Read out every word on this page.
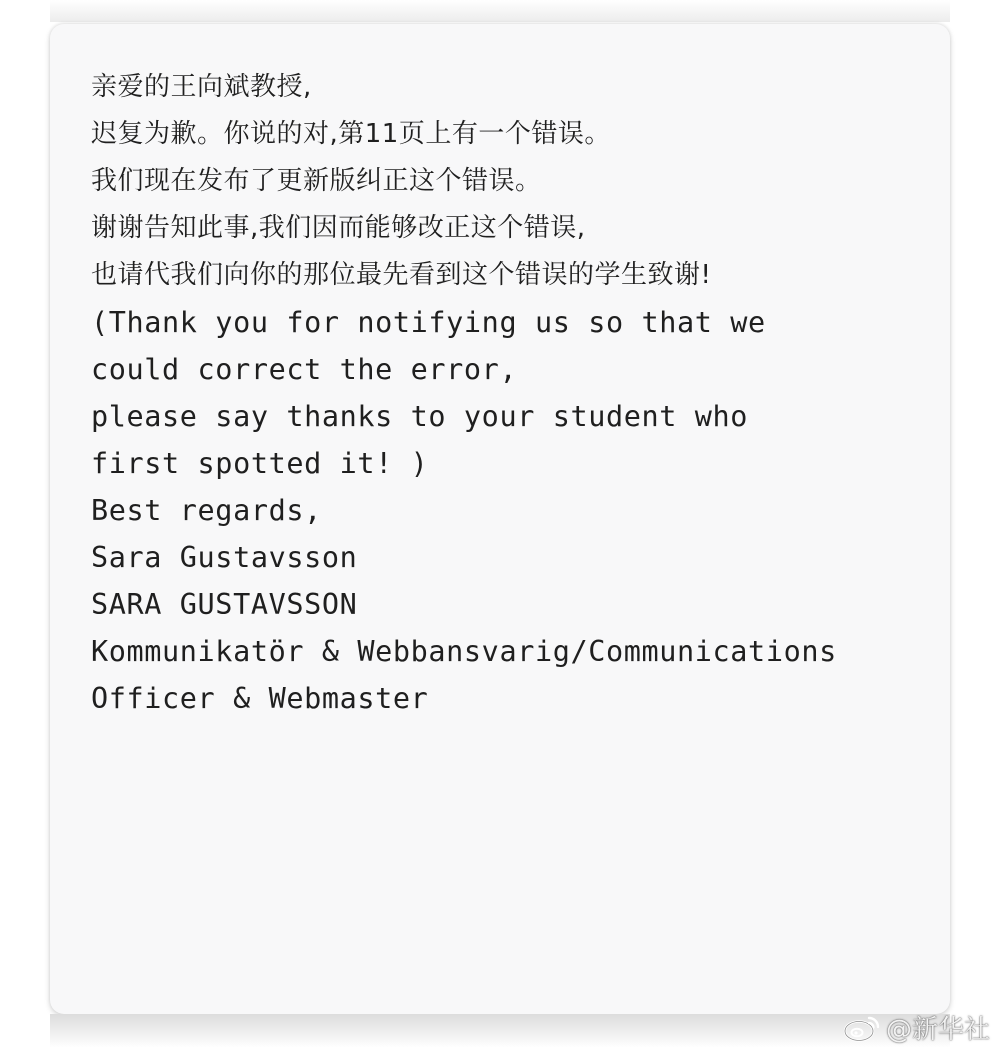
亲爱的王向斌教授,
迟复为歉。你说的对,第11页上有一个错误。
我们现在发布了更新版纠正这个错误。
谢谢告知此事,我们因而能够改正这个错误,
也请代我们向你的那位最先看到这个错误的学生致谢!
(Thank you for notifying us so that we
could correct the error,
please say thanks to your student who
first spotted it! )
Best regards,
Sara Gustavsson
SARA GUSTAVSSON
Kommunikatör & Webbansvarig/Communications
Officer & Webmaster
@新华社
